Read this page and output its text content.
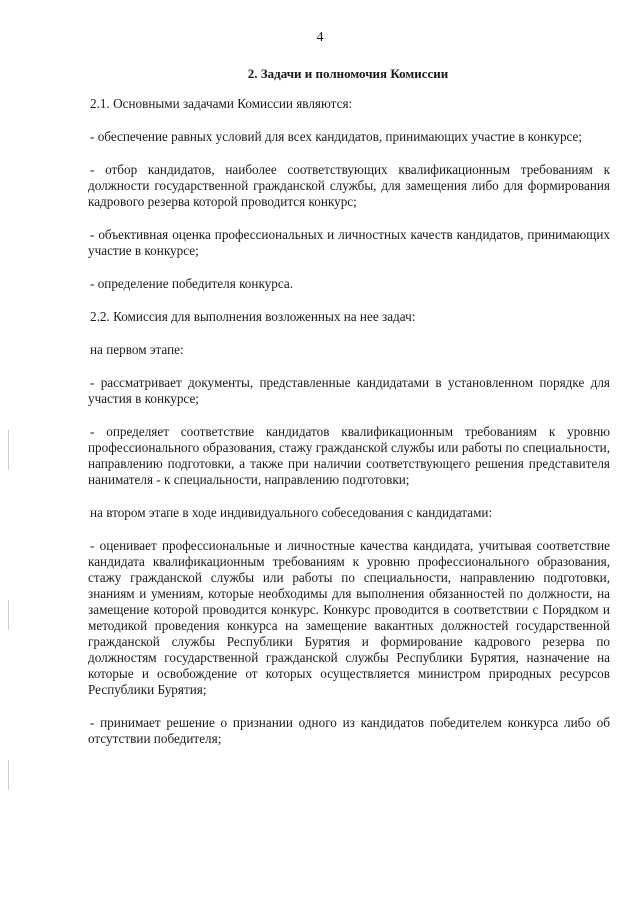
4
2. Задачи и полномочия Комиссии

2.1. Основными задачами Комиссии являются:

- обеспечение равных условий для всех кандидатов, принимающих участие в конкурсе;

- отбор кандидатов, наиболее соответствующих квалификационным требованиям к должности государственной гражданской службы, для замещения либо для формирования кадрового резерва которой проводится конкурс;

- объективная оценка профессиональных и личностных качеств кандидатов, принимающих участие в конкурсе;

- определение победителя конкурса.

2.2. Комиссия для выполнения возложенных на нее задач:

на первом этапе:

- рассматривает документы, представленные кандидатами в установленном порядке для участия в конкурсе;

- определяет соответствие кандидатов квалификационным требованиям к уровню профессионального образования, стажу гражданской службы или работы по специальности, направлению подготовки, а также при наличии соответствующего решения представителя нанимателя - к специальности, направлению подготовки;

на втором этапе в ходе индивидуального собеседования с кандидатами:

- оценивает профессиональные и личностные качества кандидата, учитывая соответствие кандидата квалификационным требованиям к уровню профессионального образования, стажу гражданской службы или работы по специальности, направлению подготовки, знаниям и умениям, которые необходимы для выполнения обязанностей по должности, на замещение которой проводится конкурс. Конкурс проводится в соответствии с Порядком и методикой проведения конкурса на замещение вакантных должностей государственной гражданской службы Республики Бурятия и формирование кадрового резерва по должностям государственной гражданской службы Республики Бурятия, назначение на которые и освобождение от которых осуществляется министром природных ресурсов Республики Бурятия;

- принимает решение о признании одного из кандидатов победителем конкурса либо об отсутствии победителя;
